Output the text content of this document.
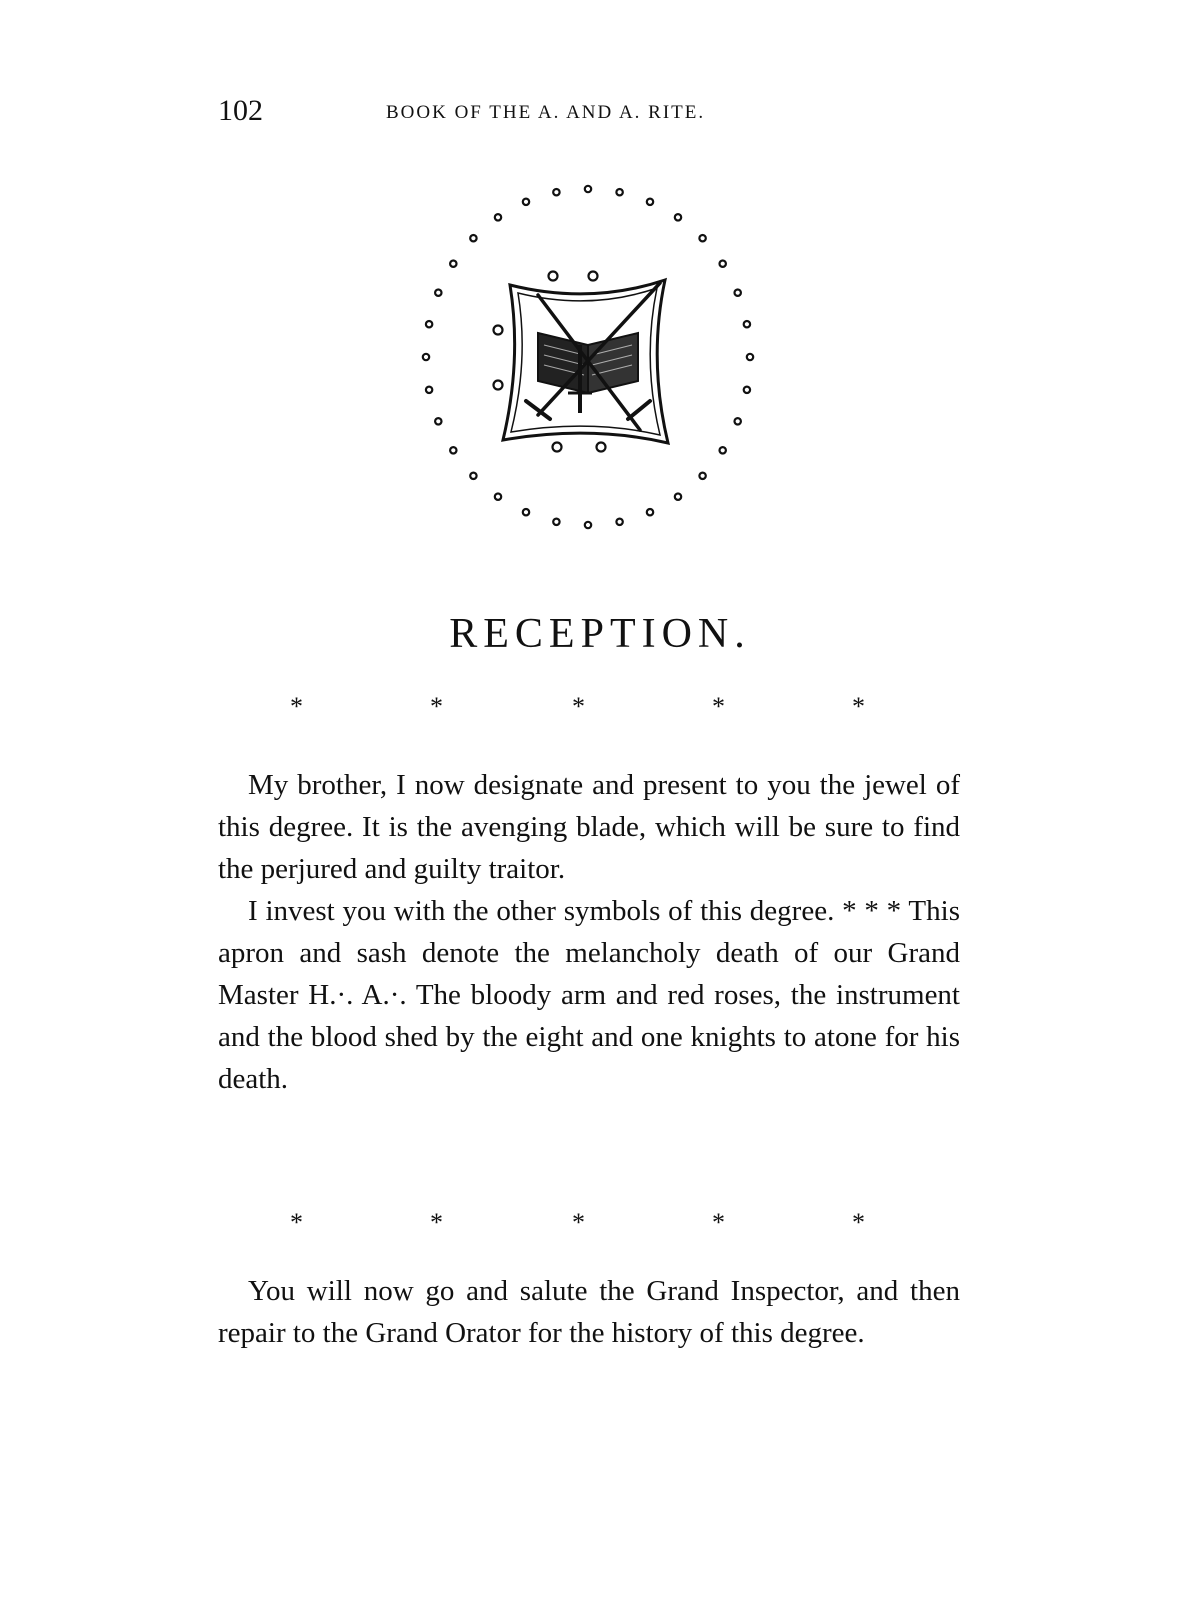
102	BOOK OF THE A. AND A. RITE.
RECEPTION.
*	*	*	*	*

My brother, I now designate and present to you the jewel of this degree. It is the avenging blade, which will be sure to find the perjured and guilty traitor.

I invest you with the other symbols of this degree. * * * This apron and sash denote the melancholy death of our Grand Master H.·. A.·. The bloody arm and red roses, the instrument and the blood shed by the eight and one knights to atone for his death.

*	*	*	*	*

You will now go and salute the Grand Inspector, and then repair to the Grand Orator for the history of this degree.
